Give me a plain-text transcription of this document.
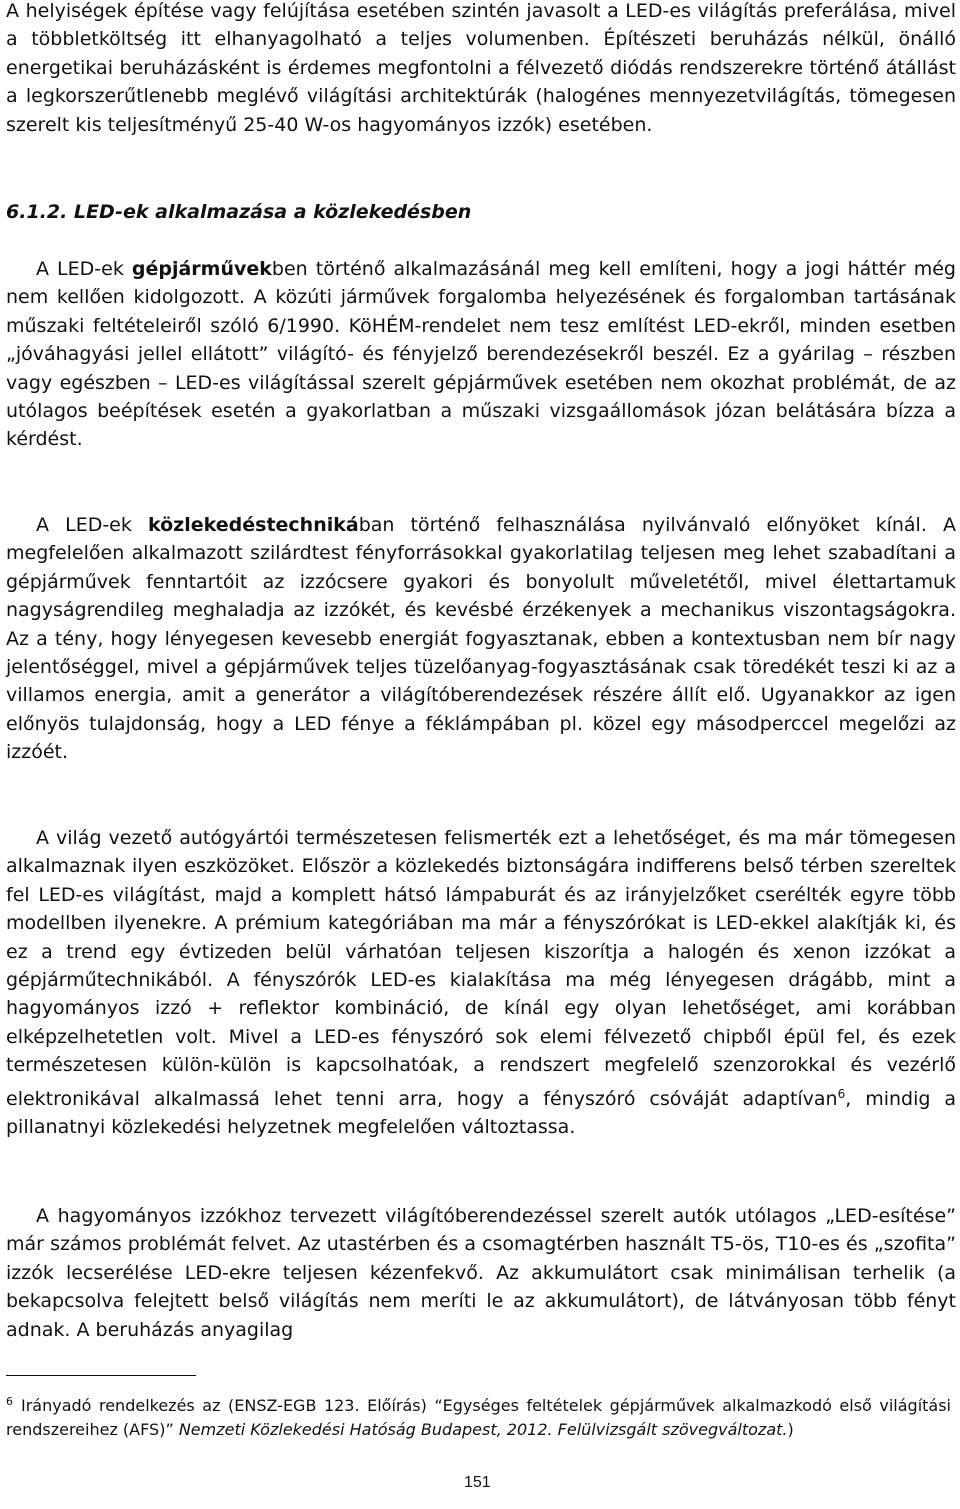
A helyiségek építése vagy felújítása esetében szintén javasolt a LED-es világítás preferálása, mivel a többletköltség itt elhanyagolható a teljes volumenben. Építészeti beruházás nélkül, önálló energetikai beruházásként is érdemes megfontolni a félvezető diódás rendszerekre történő átállást a legkorszerűtlenebb meglévő világítási architektúrák (halogénes mennyezetvilágítás, tömegesen szerelt kis teljesítményű 25-40 W-os hagyományos izzók) esetében.

6.1.2. LED-ek alkalmazása a közlekedésben

A LED-ek gépjárművekben történő alkalmazásánál meg kell említeni, hogy a jogi háttér még nem kellően kidolgozott. A közúti járművek forgalomba helyezésének és forgalomban tartásának műszaki feltételeiről szóló 6/1990. KöHÉM-rendelet nem tesz említést LED-ekről, minden esetben „jóváhagyási jellel ellátott” világító- és fényjelző berendezésekről beszél. Ez a gyárilag – részben vagy egészben – LED-es világítással szerelt gépjárművek esetében nem okozhat problémát, de az utólagos beépítések esetén a gyakorlatban a műszaki vizsgaállomások józan belátására bízza a kérdést.

A LED-ek közlekedéstechnikában történő felhasználása nyilvánvaló előnyöket kínál. A megfelelően alkalmazott szilárdtest fényforrásokkal gyakorlatilag teljesen meg lehet szabadítani a gépjárművek fenntartóit az izzócsere gyakori és bonyolult műveletétől, mivel élettartamuk nagyságrendileg meghaladja az izzókét, és kevésbé érzékenyek a mechanikus viszontagságokra. Az a tény, hogy lényegesen kevesebb energiát fogyasztanak, ebben a kontextusban nem bír nagy jelentőséggel, mivel a gépjárművek teljes tüzelőanyag-fogyasztásának csak töredékét teszi ki az a villamos energia, amit a generátor a világítóberendezések részére állít elő. Ugyanakkor az igen előnyös tulajdonság, hogy a LED fénye a féklámpában pl. közel egy másodperccel megelőzi az izzóét.

A világ vezető autógyártói természetesen felismerték ezt a lehetőséget, és ma már tömegesen alkalmaznak ilyen eszközöket. Először a közlekedés biztonságára indifferens belső térben szereltek fel LED-es világítást, majd a komplett hátsó lámpaburát és az irányjelzőket cserélték egyre több modellben ilyenekre. A prémium kategóriában ma már a fényszórókat is LED-ekkel alakítják ki, és ez a trend egy évtizeden belül várhatóan teljesen kiszorítja a halogén és xenon izzókat a gépjárműtechnikából. A fényszórók LED-es kialakítása ma még lényegesen drágább, mint a hagyományos izzó + reflektor kombináció, de kínál egy olyan lehetőséget, ami korábban elképzelhetetlen volt. Mivel a LED-es fényszóró sok elemi félvezető chipből épül fel, és ezek természetesen külön-külön is kapcsolhatóak, a rendszert megfelelő szenzorokkal és vezérlő elektronikával alkalmassá lehet tenni arra, hogy a fényszóró csóváját adaptívan$^6$, mindig a pillanatnyi közlekedési helyzetnek megfelelően változtassa.

A hagyományos izzókhoz tervezett világítóberendezéssel szerelt autók utólagos „LED-esítése” már számos problémát felvet. Az utastérben és a csomagtérben használt T5-ös, T10-es és „szofita” izzók lecserélése LED-ekre teljesen kézenfekvő. Az akkumulátort csak minimálisan terhelik (a bekapcsolva felejtett belső világítás nem meríti le az akkumulátort), de látványosan több fényt adnak. A beruházás anyagilag

$^6$ Irányadó rendelkezés az (ENSZ-EGB 123. Előírás) “Egységes feltételek gépjárművek alkalmazkodó első világítási rendszereihez (AFS)” Nemzeti Közlekedési Hatóság Budapest, 2012. Felülvizsgált szövegváltozat.)

151
